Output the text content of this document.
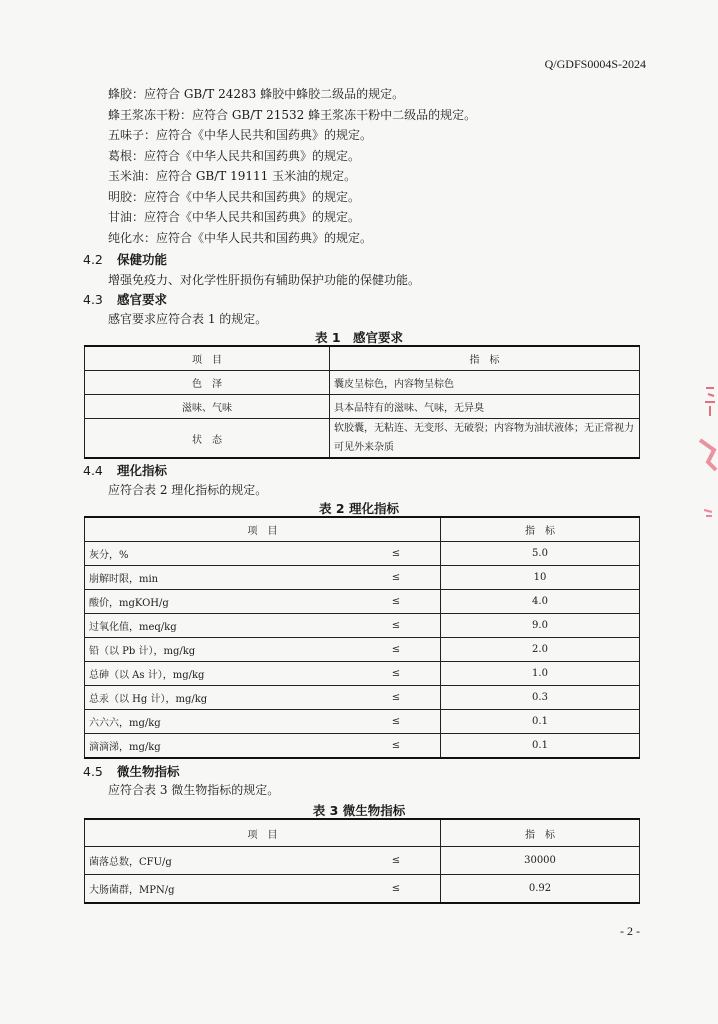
Q/GDFS0004S-2024
蜂胶：应符合 GB/T 24283 蜂胶中蜂胶二级品的规定。
蜂王浆冻干粉：应符合 GB/T 21532 蜂王浆冻干粉中二级品的规定。
五味子：应符合《中华人民共和国药典》的规定。
葛根：应符合《中华人民共和国药典》的规定。
玉米油：应符合 GB/T 19111 玉米油的规定。
明胶：应符合《中华人民共和国药典》的规定。
甘油：应符合《中华人民共和国药典》的规定。
纯化水：应符合《中华人民共和国药典》的规定。
4.2 保健功能
增强免疫力、对化学性肝损伤有辅助保护功能的保健功能。
4.3 感官要求
感官要求应符合表 1 的规定。
表 1　感官要求
项　目	指　标
色　泽	囊皮呈棕色，内容物呈棕色
滋味、气味	具本品特有的滋味、气味，无异臭
状　态	软胶囊，无粘连、无变形、无破裂；内容物为油状液体；无正常视力可见外来杂质
4.4 理化指标
应符合表 2 理化指标的规定。
表 2 理化指标
项　目		指　标
灰分，%	≤	5.0
崩解时限，min	≤	10
酸价，mgKOH/g	≤	4.0
过氧化值，meq/kg	≤	9.0
铅（以 Pb 计），mg/kg	≤	2.0
总砷（以 As 计），mg/kg	≤	1.0
总汞（以 Hg 计），mg/kg	≤	0.3
六六六，mg/kg	≤	0.1
滴滴涕，mg/kg	≤	0.1
4.5 微生物指标
应符合表 3 微生物指标的规定。
表 3 微生物指标
项　目		指　标
菌落总数，CFU/g	≤	30000
大肠菌群，MPN/g	≤	0.92
- 2 -
